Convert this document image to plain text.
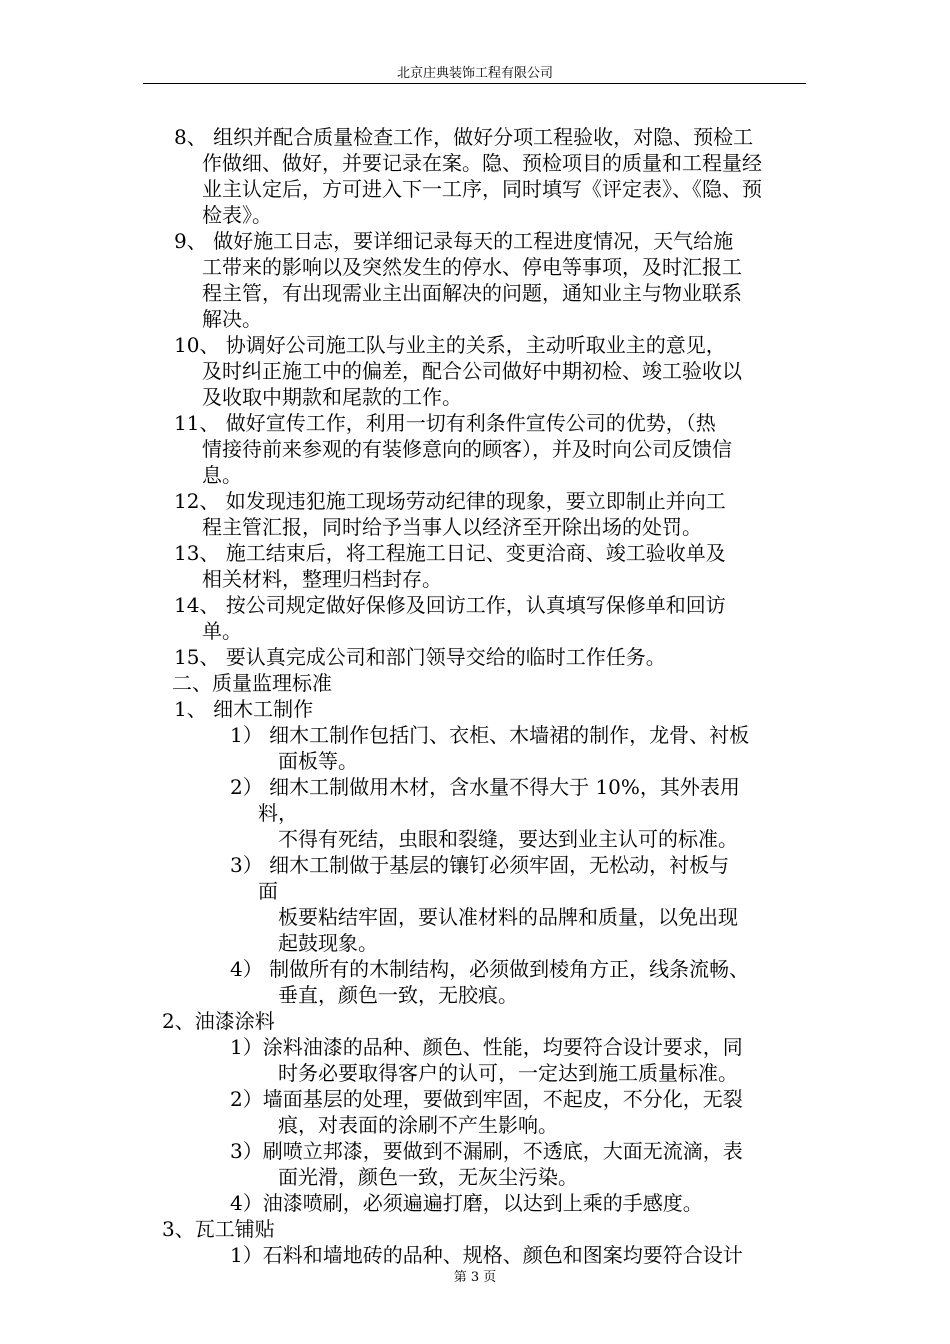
北京庄典装饰工程有限公司
8、 组织并配合质量检查工作，做好分项工程验收，对隐、预检工
作做细、做好，并要记录在案。隐、预检项目的质量和工程量经
业主认定后，方可进入下一工序，同时填写《评定表》、《隐、预
检表》。
9、 做好施工日志，要详细记录每天的工程进度情况，天气给施
工带来的影响以及突然发生的停水、停电等事项，及时汇报工
程主管，有出现需业主出面解决的问题，通知业主与物业联系
解决。
10、 协调好公司施工队与业主的关系，主动听取业主的意见，
及时纠正施工中的偏差，配合公司做好中期初检、竣工验收以
及收取中期款和尾款的工作。
11、 做好宣传工作，利用一切有利条件宣传公司的优势，（热
情接待前来参观的有装修意向的顾客），并及时向公司反馈信
息。
12、 如发现违犯施工现场劳动纪律的现象，要立即制止并向工
程主管汇报，同时给予当事人以经济至开除出场的处罚。
13、 施工结束后，将工程施工日记、变更洽商、竣工验收单及
相关材料，整理归档封存。
14、 按公司规定做好保修及回访工作，认真填写保修单和回访
单。
15、 要认真完成公司和部门领导交给的临时工作任务。
二、质量监理标准
1、 细木工制作
1） 细木工制作包括门、衣柜、木墙裙的制作，龙骨、衬板
面板等。
2） 细木工制做用木材，含水量不得大于 10%，其外表用
料，
不得有死结，虫眼和裂缝，要达到业主认可的标准。
3） 细木工制做于基层的镶钉必须牢固，无松动，衬板与
面
板要粘结牢固，要认准材料的品牌和质量，以免出现
起鼓现象。
4） 制做所有的木制结构，必须做到棱角方正，线条流畅、
垂直，颜色一致，无胶痕。
2、油漆涂料
1）涂料油漆的品种、颜色、性能，均要符合设计要求，同
时务必要取得客户的认可，一定达到施工质量标准。
2）墙面基层的处理，要做到牢固，不起皮，不分化，无裂
痕，对表面的涂刷不产生影响。
3）刷喷立邦漆，要做到不漏刷，不透底，大面无流滴，表
面光滑，颜色一致，无灰尘污染。
4）油漆喷刷，必须遍遍打磨，以达到上乘的手感度。
3、瓦工铺贴
1）石料和墙地砖的品种、规格、颜色和图案均要符合设计
第 3 页
